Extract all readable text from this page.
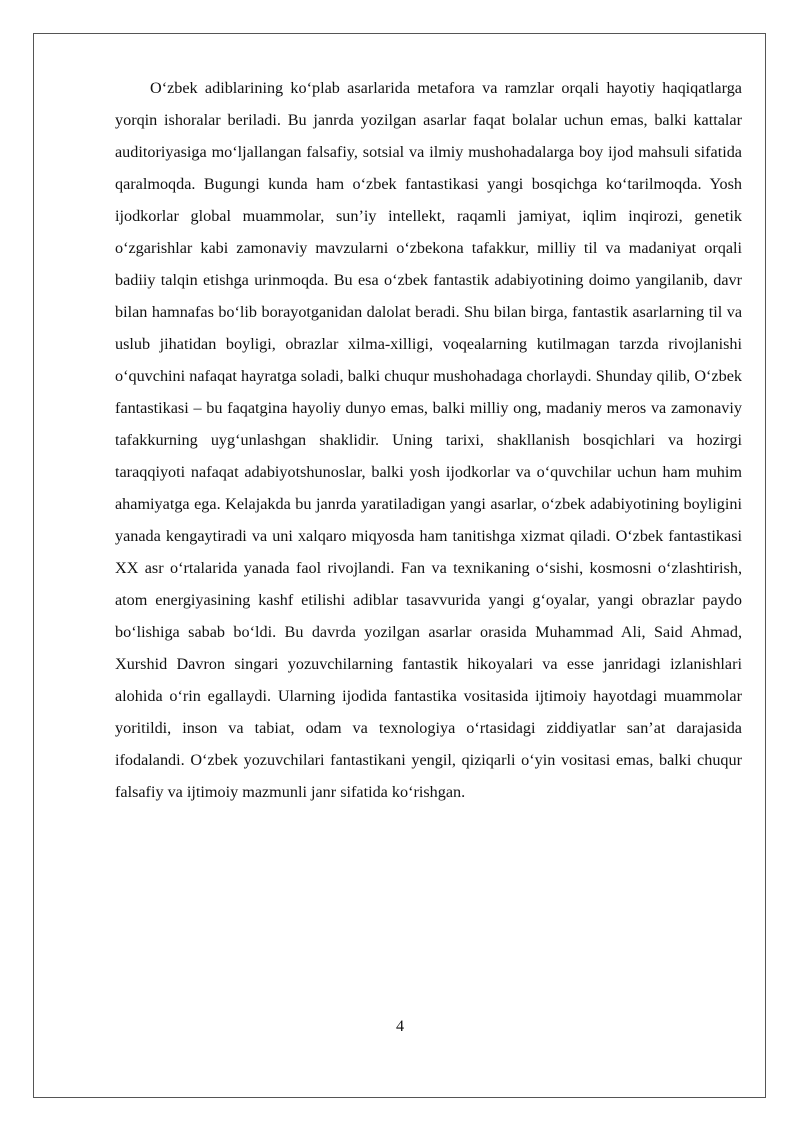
O‘zbek adiblarining ko‘plab asarlarida metafora va ramzlar orqali hayotiy haqiqatlarga yorqin ishoralar beriladi. Bu janrda yozilgan asarlar faqat bolalar uchun emas, balki kattalar auditoriyasiga mo‘ljallangan falsafiy, sotsial va ilmiy mushohadalarga boy ijod mahsuli sifatida qaralmoqda. Bugungi kunda ham o‘zbek fantastikasi yangi bosqichga ko‘tarilmoqda. Yosh ijodkorlar global muammolar, sun’iy intellekt, raqamli jamiyat, iqlim inqirozi, genetik o‘zgarishlar kabi zamonaviy mavzularni o‘zbekona tafakkur, milliy til va madaniyat orqali badiiy talqin etishga urinmoqda. Bu esa o‘zbek fantastik adabiyotining doimo yangilanib, davr bilan hamnafas bo‘lib borayotganidan dalolat beradi. Shu bilan birga, fantastik asarlarning til va uslub jihatidan boyligi, obrazlar xilma-xilligi, voqealarning kutilmagan tarzda rivojlanishi o‘quvchini nafaqat hayratga soladi, balki chuqur mushohadaga chorlaydi. Shunday qilib, O‘zbek fantastikasi – bu faqatgina hayoliy dunyo emas, balki milliy ong, madaniy meros va zamonaviy tafakkurning uyg‘unlashgan shaklidir. Uning tarixi, shakllanish bosqichlari va hozirgi taraqqiyoti nafaqat adabiyotshunoslar, balki yosh ijodkorlar va o‘quvchilar uchun ham muhim ahamiyatga ega. Kelajakda bu janrda yaratiladigan yangi asarlar, o‘zbek adabiyotining boyligini yanada kengaytiradi va uni xalqaro miqyosda ham tanitishga xizmat qiladi. O‘zbek fantastikasi XX asr o‘rtalarida yanada faol rivojlandi. Fan va texnikaning o‘sishi, kosmosni o‘zlashtirish, atom energiyasining kashf etilishi adiblar tasavvurida yangi g‘oyalar, yangi obrazlar paydo bo‘lishiga sabab bo‘ldi. Bu davrda yozilgan asarlar orasida Muhammad Ali, Said Ahmad, Xurshid Davron singari yozuvchilarning fantastik hikoyalari va esse janridagi izlanishlari alohida o‘rin egallaydi. Ularning ijodida fantastika vositasida ijtimoiy hayotdagi muammolar yoritildi, inson va tabiat, odam va texnologiya o‘rtasidagi ziddiyatlar san’at darajasida ifodalandi. O‘zbek yozuvchilari fantastikani yengil, qiziqarli o‘yin vositasi emas, balki chuqur falsafiy va ijtimoiy mazmunli janr sifatida ko‘rishgan.

4
